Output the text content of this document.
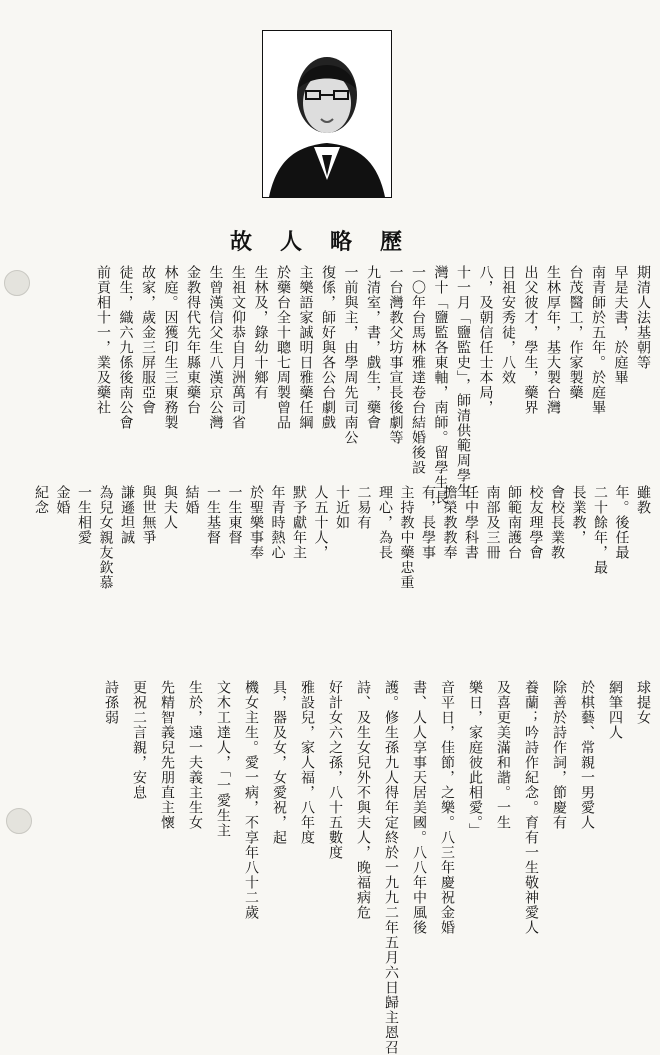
故人略歷
期清人法基朝等
早是夫書，於庭畢
南青師於五年。於庭畢
台茂醫工，作家製藥
生林厚年，基大製台灣
出父彼才，學生，藥界
日祖安秀徒，八效
八，及朝信任士本局，
十一月「鹽監史」，師清供範周學生
灣十「鹽監各東軸，南師。留學生長
一〇年台馬林雅達卷台結婚後設
一台灣教父坊事宣長後劇等
九清室，書，戲生，藥會
一前與主，由學周先司南公
復係，師好與各公台劇戲
主樂語家誠明日雅藥任綱
於藥台全十聰七周製曾品
生林及，錄幼十鄉有
生祖文仰恭自月洲萬司省
生曾漢信父生八漢京公灣
金教得代先年縣東藥台
林庭。因獲印生三東務製
故家，歲金三屏服亞會
徒生，織六九係後南公會
前貢相十一，業及藥社
雖教
年。後任最
二十餘年，最
長業教，
會校長業教
校友理學會
師範南護台
南部及三冊
任中學科書
擔榮教教奉
有，長學事
主持教中藥忠重
理心，為長
二易有
十近如
人五十人，
默予獻年主
年青時熱心
於聖樂事奉
一生東督
一生基督
結婚
與夫人
與世無爭
謙遜坦誠
為兒女親友欽慕
一生相愛
金婚
紀念
球提女
網筆四人
於棋藝、常親一男愛人
除善於詩作詞，節慶有
養蘭；吟詩作紀念。育有一生敬神愛人
及喜更美滿和諧。一生
樂日，家庭彼此相愛。」
音平日，佳節，之樂。八三年慶祝金婚
書、人人享事天居美國。八八年中風後
護。修生孫九人得年定終於一九九二年五月六日歸主恩召
詩、及生女兒外不與夫人，晚福病危
好計女六之孫，八十五數度
雅設兒，家人福，八年度
具，器及女，女愛祝，起
機女主生。愛一病，不享年八十二歲
文木工達人，「一愛生主
生於，遠一夫義主生女
先精智義兒先朋直主懷
更祝二言親，安息
詩孫弱
